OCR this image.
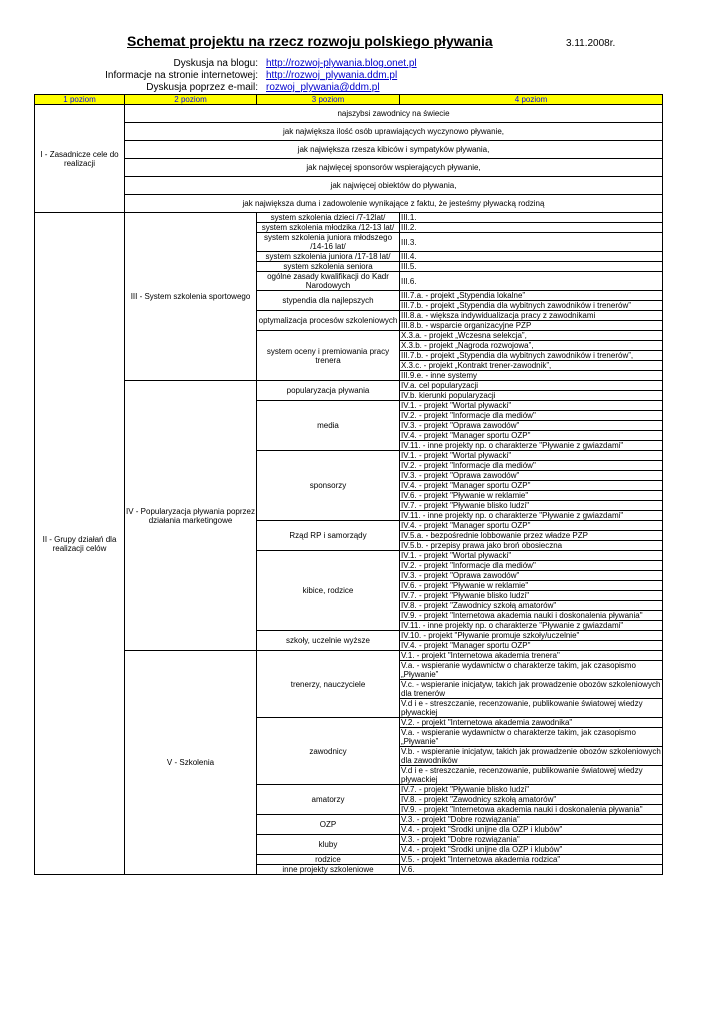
Schemat projektu na rzecz rozwoju polskiego pływania	3.11.2008r.
Dyskusja na blogu: http://rozwoj-plywania.blog.onet.pl
Informacje na stronie internetowej: http://rozwoj_plywania.ddm.pl
Dyskusja poprzez e-mail: rozwoj_plywania@ddm.pl
1 poziom	2 poziom	3 poziom	4 poziom
I - Zasadnicze cele do realizacji	najszybsi zawodnicy na świecie		
	jak największa ilość osób uprawiających wyczynowo pływanie,		
	jak największa rzesza kibiców i sympatyków pływania,		
	jak najwięcej sponsorów wspierających pływanie,		
	jak najwięcej obiektów do pływania,		
	jak największa duma i zadowolenie wynikające z faktu, że jesteśmy pływacką rodziną		
II - Grupy działań dla realizacji celów	III - System szkolenia sportowego	system szkolenia dzieci /7-12lat/	III.1.
		system szkolenia młodzika /12-13 lat/	III.2.
		system szkolenia juniora młodszego /14-16 lat/	III.3.
		system szkolenia juniora /17-18 lat/	III.4.
		system szkolenia seniora	III.5.
		ogólne zasady kwalifikacji do Kadr Narodowych	III.6.
		stypendia dla najlepszych	III.7.a. - projekt „Stypendia lokalne”
			III.7.b. - projekt „Stypendia dla wybitnych zawodników i trenerów”
		optymalizacja procesów szkoleniowych	III.8.a. - większa indywidualizacja pracy z zawodnikami
			III.8.b. - wsparcie organizacyjne PZP
		system oceny i premiowania pracy trenera	X.3.a. - projekt „Wczesna selekcja”,
			X.3.b. - projekt „Nagroda rozwojowa”,
			III.7.b. - projekt „Stypendia dla wybitnych zawodników i trenerów”,
			X.3.c. - projekt „Kontrakt trener-zawodnik”,
			III.9.e. - inne systemy
	IV - Popularyzacja pływania poprzez działania marketingowe	popularyzacja pływania	IV.a. cel popularyzacji
			IV.b. kierunki popularyzacji
		media	IV.1. - projekt "Wortal pływacki"
			IV.2. - projekt "Informacje dla mediów"
			IV.3. - projekt "Oprawa zawodów"
			IV.4. - projekt "Manager sportu OZP"
			IV.11. - inne projekty np. o charakterze "Pływanie z gwiazdami"
		sponsorzy	IV.1. - projekt "Wortal pływacki"
			IV.2. - projekt "Informacje dla mediów"
			IV.3. - projekt "Oprawa zawodów"
			IV.4. - projekt "Manager sportu OZP"
			IV.6. - projekt "Pływanie w reklamie"
			IV.7. - projekt "Pływanie blisko ludzi"
			IV.11. - inne projekty np. o charakterze "Pływanie z gwiazdami"
		Rząd RP i samorządy	IV.4. - projekt "Manager sportu OZP"
			IV.5.a. - bezpośrednie lobbowanie przez władze PZP
			IV.5.b. - przepisy prawa jako broń obosieczna
		kibice, rodzice	IV.1. - projekt "Wortal pływacki"
			IV.2. - projekt "Informacje dla mediów"
			IV.3. - projekt "Oprawa zawodów"
			IV.6. - projekt "Pływanie w reklamie"
			IV.7. - projekt "Pływanie blisko ludzi"
			IV.8. - projekt "Zawodnicy szkołą amatorów"
			IV.9. - projekt "Internetowa akademia nauki i doskonalenia pływania"
			IV.11. - inne projekty np. o charakterze "Pływanie z gwiazdami"
		szkoły, uczelnie wyższe	IV.10. - projekt "Pływanie promuje szkoły/uczelnie"
			IV.4. - projekt "Manager sportu OZP"
	V - Szkolenia	trenerzy, nauczyciele	V.1. - projekt "Internetowa akademia trenera"
			V.a. - wspieranie wydawnictw o charakterze takim, jak czasopismo „Pływanie”
			V.c. - wspieranie inicjatyw, takich jak prowadzenie obozów szkoleniowych dla trenerów
			V.d i e - streszczanie, recenzowanie, publikowanie światowej wiedzy pływackiej
		zawodnicy	V.2. - projekt "Internetowa akademia zawodnika"
			V.a. - wspieranie wydawnictw o charakterze takim, jak czasopismo „Pływanie”
			V.b. - wspieranie inicjatyw, takich jak prowadzenie obozów szkoleniowych dla zawodników
			V.d i e - streszczanie, recenzowanie, publikowanie światowej wiedzy pływackiej
		amatorzy	IV.7. - projekt "Pływanie blisko ludzi"
			IV.8. - projekt "Zawodnicy szkołą amatorów"
			IV.9. - projekt "Internetowa akademia nauki i doskonalenia pływania"
		OZP	V.3. - projekt "Dobre rozwiązania"
			V.4. - projekt "Środki unijne dla OZP i klubów"
		kluby	V.3. - projekt "Dobre rozwiązania"
			V.4. - projekt "Środki unijne dla OZP i klubów"
		rodzice	V.5. - projekt "Internetowa akademia rodzica"
		inne projekty szkoleniowe	V.6.
